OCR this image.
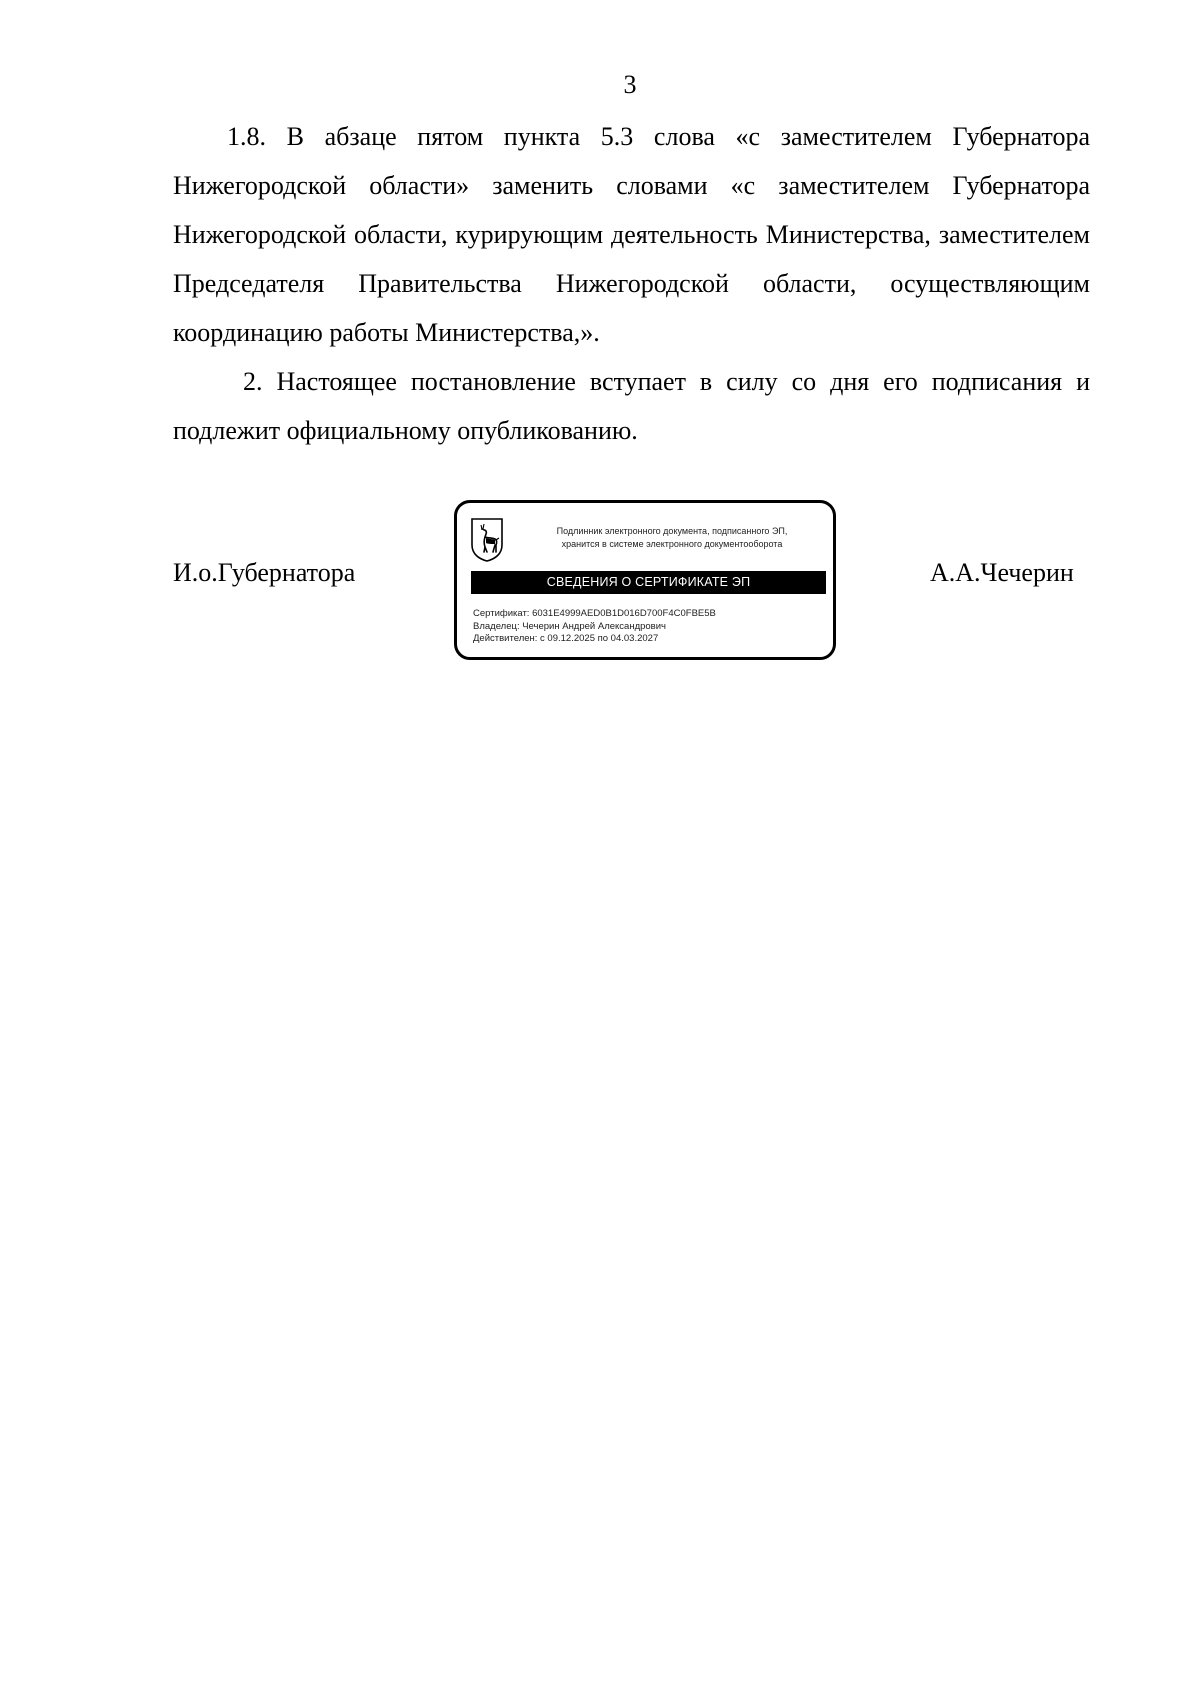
3

1.8. В абзаце пятом пункта 5.3 слова «с заместителем Губернатора Нижегородской области» заменить словами «с заместителем Губернатора Нижегородской области, курирующим деятельность Министерства, заместителем Председателя Правительства Нижегородской области, осуществляющим координацию работы Министерства,».

2. Настоящее постановление вступает в силу со дня его подписания и подлежит официальному опубликованию.

И.о.Губернатора
Подлинник электронного документа, подписанного ЭП,
хранится в системе электронного документооборота
СВЕДЕНИЯ О СЕРТИФИКАТЕ ЭП
Сертификат: 6031E4999AED0B1D016D700F4C0FBE5B
Владелец: Чечерин Андрей Александрович
Действителен: с 09.12.2025 по 04.03.2027
А.А.Чечерин
